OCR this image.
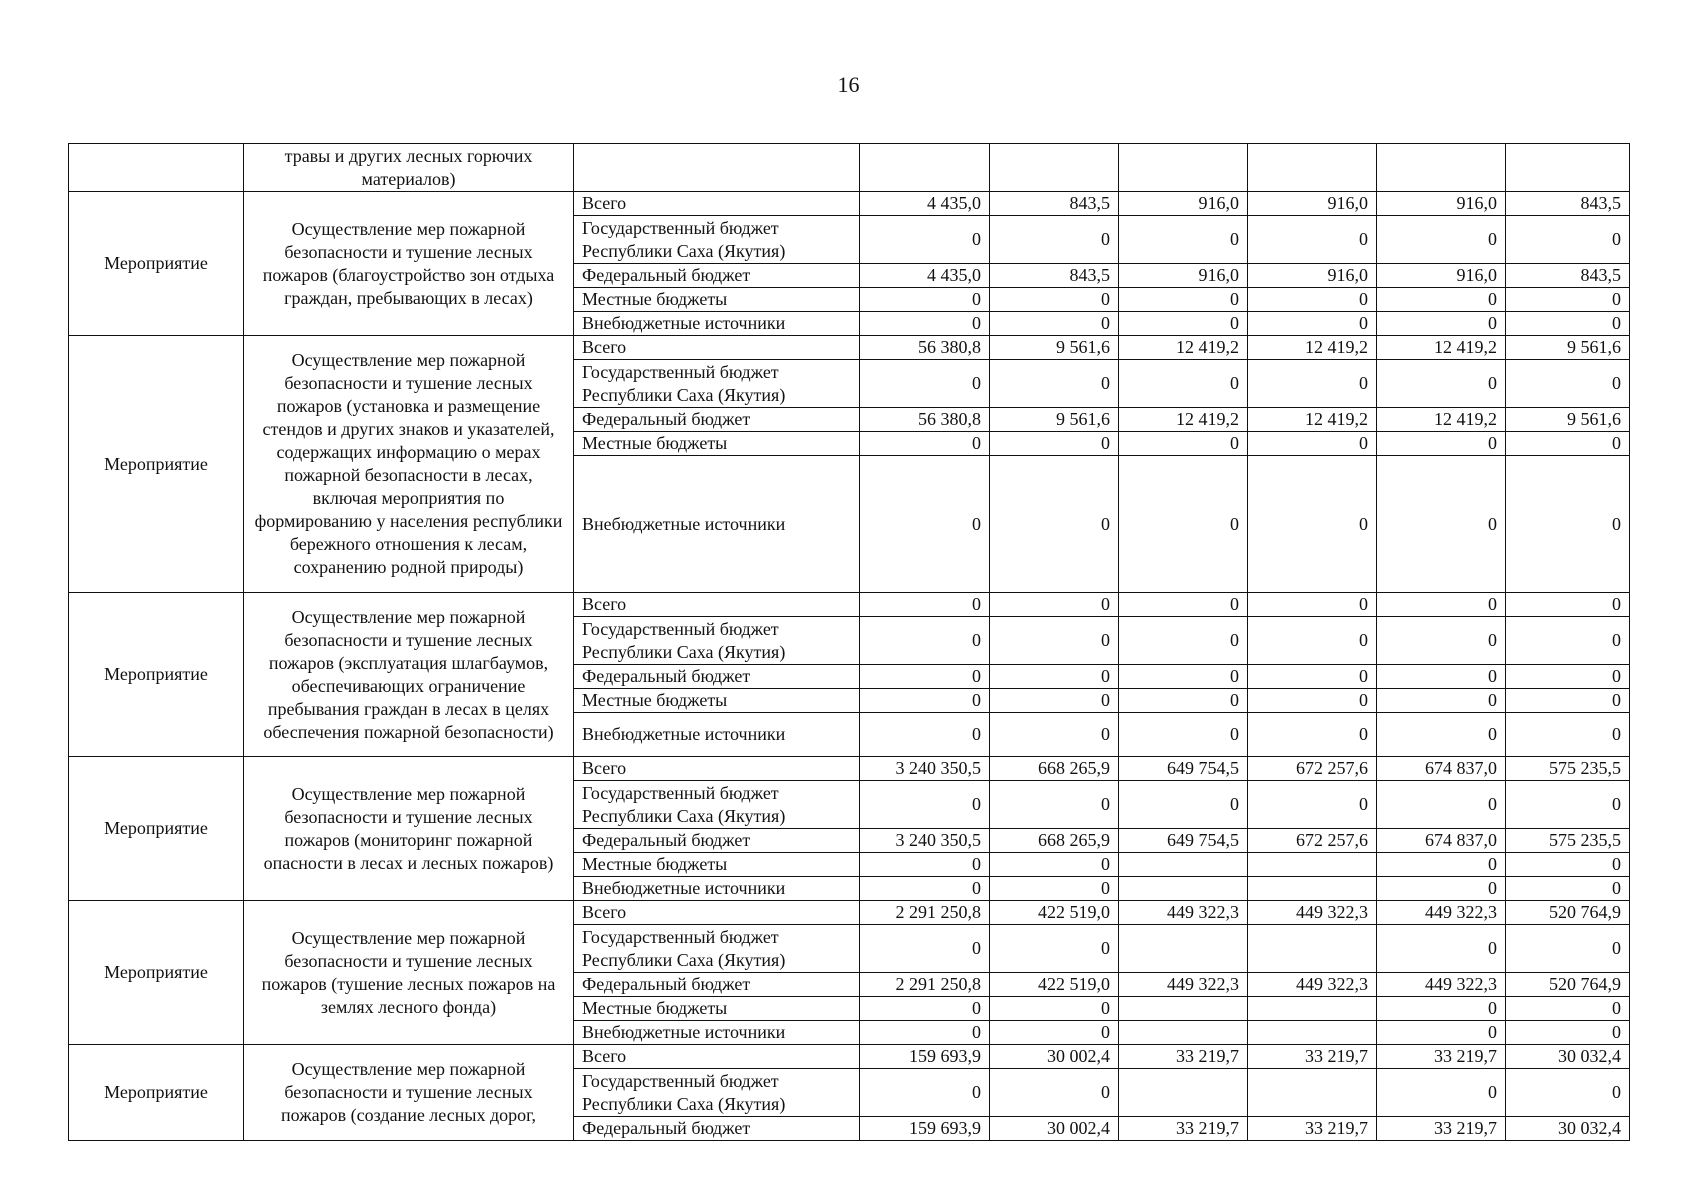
16
	травы и других лесных горючих материалов)							
Мероприятие	Осуществление мер пожарной безопасности и тушение лесных пожаров (благоустройство зон отдыха граждан, пребывающих в лесах)	Всего	4 435,0	843,5	916,0	916,0	916,0	843,5
		Государственный бюджет Республики Саха (Якутия)	0	0	0	0	0	0
		Федеральный бюджет	4 435,0	843,5	916,0	916,0	916,0	843,5
		Местные бюджеты	0	0	0	0	0	0
		Внебюджетные источники	0	0	0	0	0	0
Мероприятие	Осуществление мер пожарной безопасности и тушение лесных пожаров (установка и размещение стендов и других знаков и указателей, содержащих информацию о мерах пожарной безопасности в лесах, включая мероприятия по формированию у населения республики бережного отношения к лесам, сохранению родной природы)	Всего	56 380,8	9 561,6	12 419,2	12 419,2	12 419,2	9 561,6
		Государственный бюджет Республики Саха (Якутия)	0	0	0	0	0	0
		Федеральный бюджет	56 380,8	9 561,6	12 419,2	12 419,2	12 419,2	9 561,6
		Местные бюджеты	0	0	0	0	0	0
		Внебюджетные источники	0	0	0	0	0	0
Мероприятие	Осуществление мер пожарной безопасности и тушение лесных пожаров (эксплуатация шлагбаумов, обеспечивающих ограничение пребывания граждан в лесах в целях обеспечения пожарной безопасности)	Всего	0	0	0	0	0	0
		Государственный бюджет Республики Саха (Якутия)	0	0	0	0	0	0
		Федеральный бюджет	0	0	0	0	0	0
		Местные бюджеты	0	0	0	0	0	0
		Внебюджетные источники	0	0	0	0	0	0
Мероприятие	Осуществление мер пожарной безопасности и тушение лесных пожаров (мониторинг пожарной опасности в лесах и лесных пожаров)	Всего	3 240 350,5	668 265,9	649 754,5	672 257,6	674 837,0	575 235,5
		Государственный бюджет Республики Саха (Якутия)	0	0	0	0	0	0
		Федеральный бюджет	3 240 350,5	668 265,9	649 754,5	672 257,6	674 837,0	575 235,5
		Местные бюджеты	0	0			0	0
		Внебюджетные источники	0	0			0	0
Мероприятие	Осуществление мер пожарной безопасности и тушение лесных пожаров (тушение лесных пожаров на землях лесного фонда)	Всего	2 291 250,8	422 519,0	449 322,3	449 322,3	449 322,3	520 764,9
		Государственный бюджет Республики Саха (Якутия)	0	0			0	0
		Федеральный бюджет	2 291 250,8	422 519,0	449 322,3	449 322,3	449 322,3	520 764,9
		Местные бюджеты	0	0			0	0
		Внебюджетные источники	0	0			0	0
Мероприятие	Осуществление мер пожарной безопасности и тушение лесных пожаров (создание лесных дорог,	Всего	159 693,9	30 002,4	33 219,7	33 219,7	33 219,7	30 032,4
		Государственный бюджет Республики Саха (Якутия)	0	0			0	0
		Федеральный бюджет	159 693,9	30 002,4	33 219,7	33 219,7	33 219,7	30 032,4
